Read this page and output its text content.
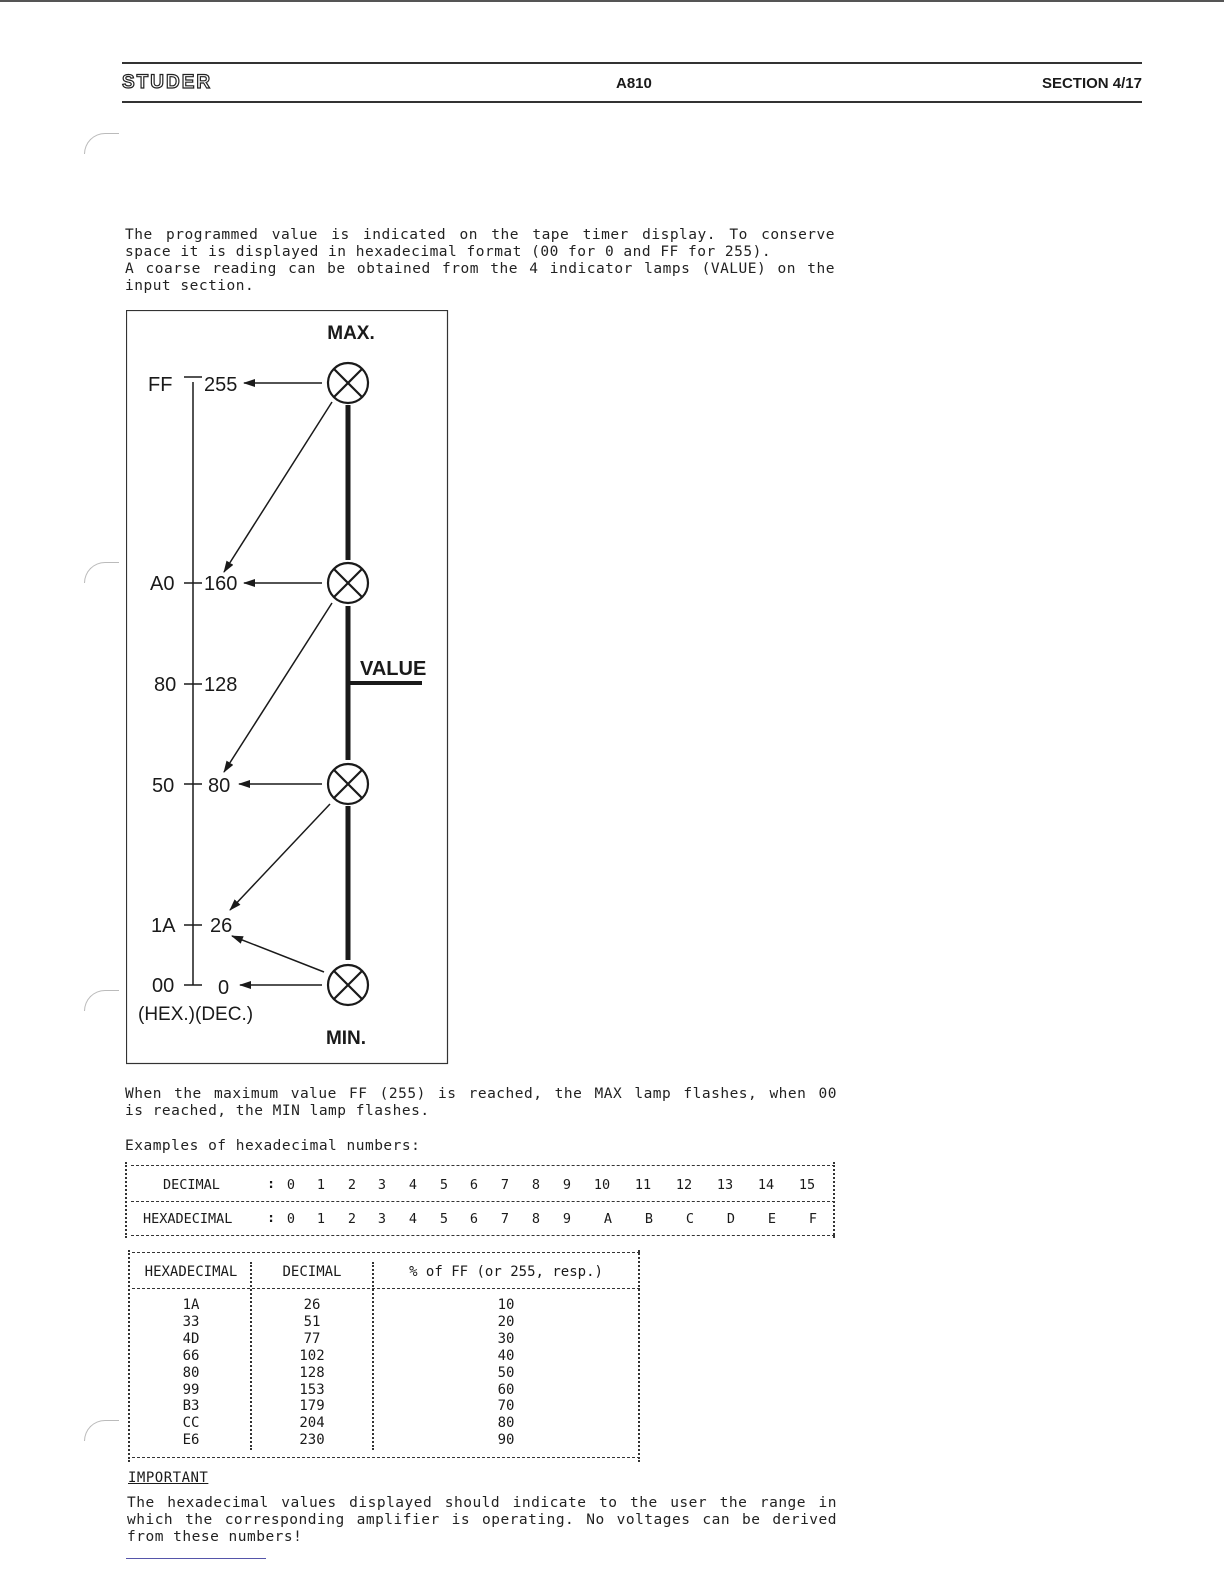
STUDER	A810	SECTION 4/17
The programmed value is indicated on the tape timer display. To conserve
space it is displayed in hexadecimal format (00 for 0 and FF for 255).
A coarse reading can be obtained from the 4 indicator lamps (VALUE) on the
input section.
MAX.
MIN.
VALUE
(HEX.)(DEC.)
FF 255
A0 160
80 128
50 80
1A 26
00 0
When the maximum value FF (255) is reached, the MAX lamp flashes, when 00
is reached, the MIN lamp flashes.
Examples of hexadecimal numbers:
DECIMAL	: 0	1	2	3	4	5	6	7	8	9	10	11	12	13	14	15
HEXADECIMAL	: 0	1	2	3	4	5	6	7	8	9	A	B	C	D	E	F
HEXADECIMAL	DECIMAL	% of FF (or 255, resp.)
1A	26	10
33	51	20
4D	77	30
66	102	40
80	128	50
99	153	60
B3	179	70
CC	204	80
E6	230	90
IMPORTANT
The hexadecimal values displayed should indicate to the user the range in
which the corresponding amplifier is operating. No voltages can be derived
from these numbers!
